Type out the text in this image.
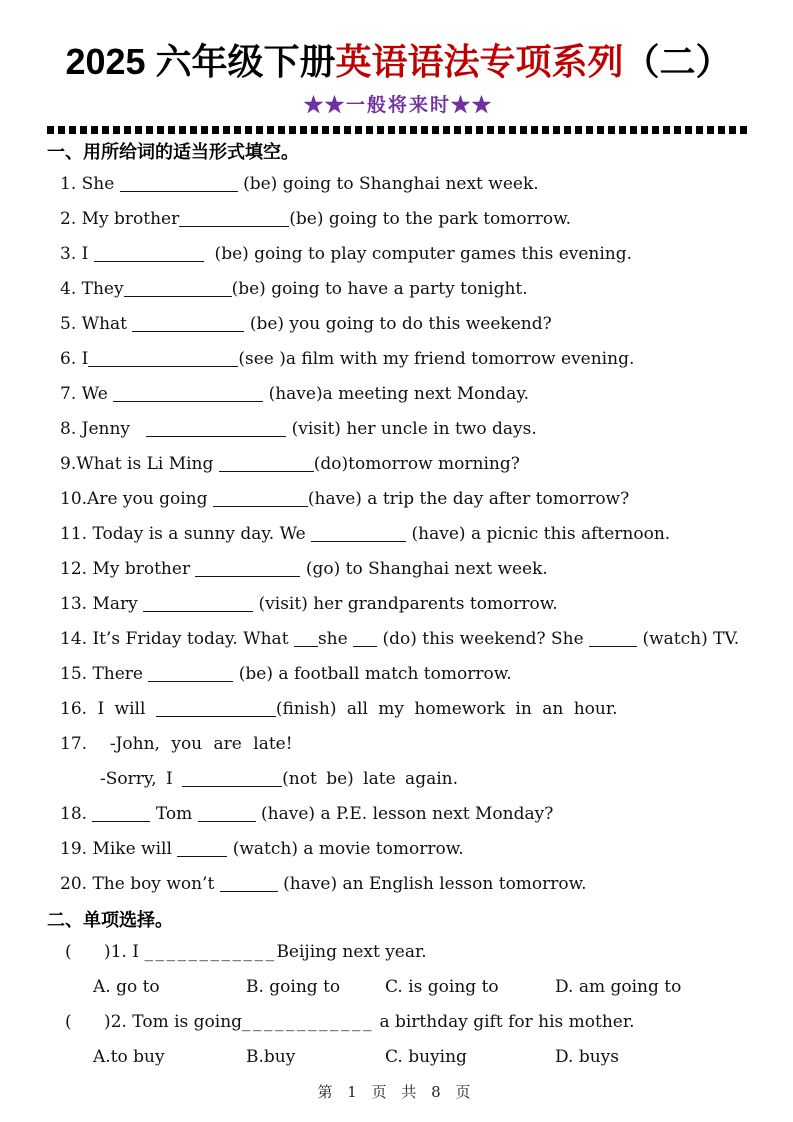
2025 六年级下册英语语法专项系列（二）
★★一般将来时★★
一、用所给词的适当形式填空。
1. She	(be) going to Shanghai next week.
2. My brother	(be) going to the park tomorrow.
3. I	(be) going to play computer games this evening.
4. They	(be) going to have a party tonight.
5. What	(be) you going to do this weekend?
6. I	(see )a film with my friend tomorrow evening.
7. We	(have)a meeting next Monday.
8. Jenny	(visit) her uncle in two days.
9.What is Li Ming	(do)tomorrow morning?
10.Are you going	(have) a trip the day after tomorrow?
11. Today is a sunny day. We	(have) a picnic this afternoon.
12. My brother	(go) to Shanghai next week.
13. Mary	(visit) her grandparents tomorrow.
14. It’s Friday today. What she  (do) this weekend? She	(watch) TV.
15. There	(be) a football match tomorrow.
16. I will	(finish) all my homework in an hour.
17.  -John, you are late!
-Sorry, I	(not be) late again.
18.	Tom	(have) a P.E. lesson next Monday?
19. Mike will	(watch) a movie tomorrow.
20. The boy won’t	(have) an English lesson tomorrow.
二、单项选择。
(      )1. I ____________Beijing next year.
A. go to	B. going to	C. is going to	D. am going to
(      )2. Tom is going____________ a birthday gift for his mother.
A.to buy	B.buy	C. buying	D. buys
第 1 页 共 8 页
